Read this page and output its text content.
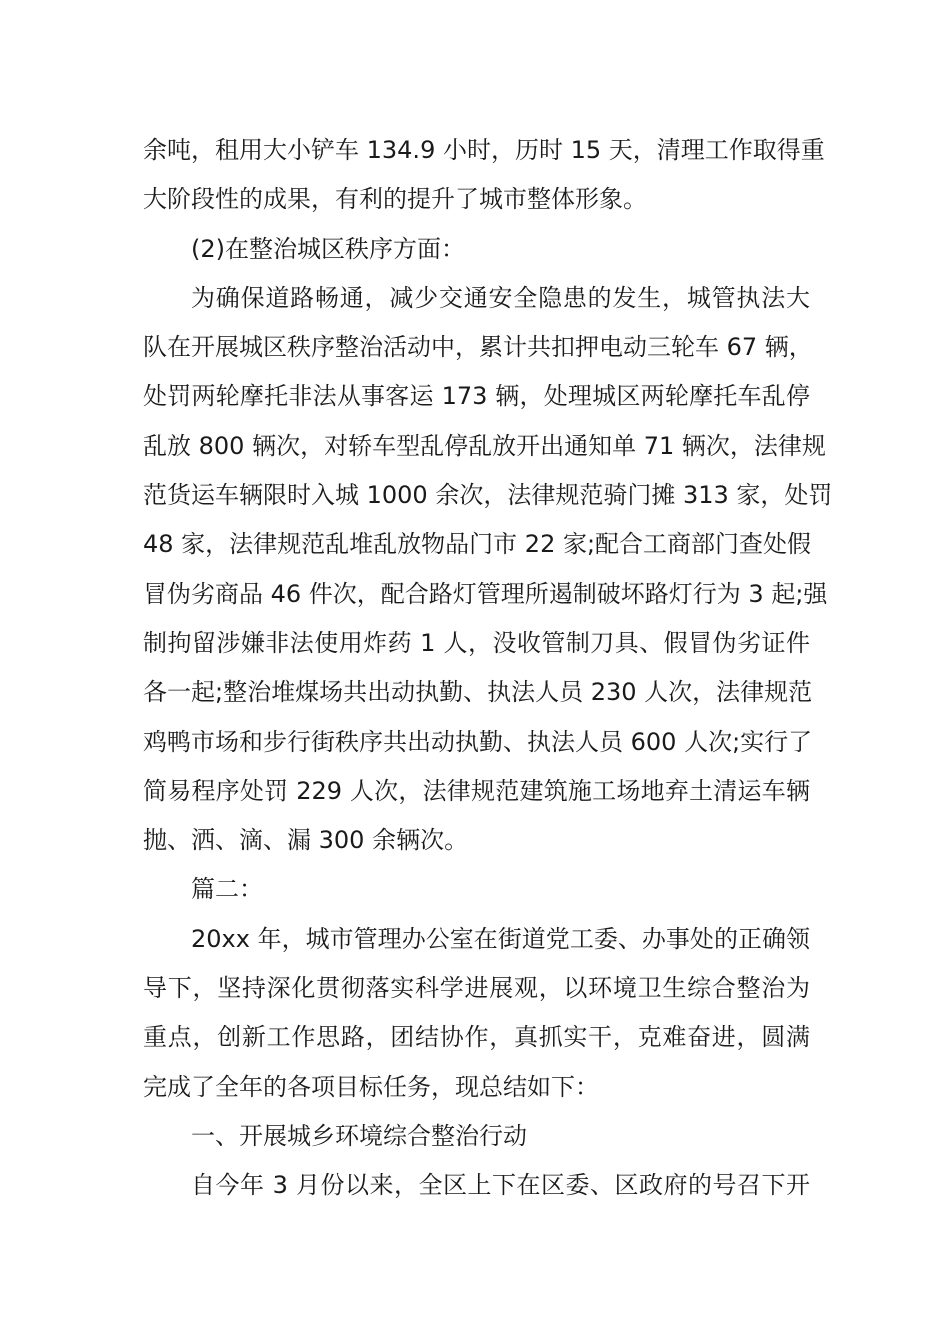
余吨，租用大小铲车 134.9 小时，历时 15 天，清理工作取得重
大阶段性的成果，有利的提升了城市整体形象。
(2)在整治城区秩序方面：
为确保道路畅通，减少交通安全隐患的发生，城管执法大
队在开展城区秩序整治活动中，累计共扣押电动三轮车 67 辆，
处罚两轮摩托非法从事客运 173 辆，处理城区两轮摩托车乱停
乱放 800 辆次，对轿车型乱停乱放开出通知单 71 辆次，法律规
范货运车辆限时入城 1000 余次，法律规范骑门摊 313 家，处罚
48 家，法律规范乱堆乱放物品门市 22 家;配合工商部门查处假
冒伪劣商品 46 件次，配合路灯管理所遏制破坏路灯行为 3 起;强
制拘留涉嫌非法使用炸药 1 人，没收管制刀具、假冒伪劣证件
各一起;整治堆煤场共出动执勤、执法人员 230 人次，法律规范
鸡鸭市场和步行街秩序共出动执勤、执法人员 600 人次;实行了
简易程序处罚 229 人次，法律规范建筑施工场地弃土清运车辆
抛、洒、滴、漏 300 余辆次。
篇二：
20xx 年，城市管理办公室在街道党工委、办事处的正确领
导下，坚持深化贯彻落实科学进展观，以环境卫生综合整治为
重点，创新工作思路，团结协作，真抓实干，克难奋进，圆满
完成了全年的各项目标任务，现总结如下：
一、开展城乡环境综合整治行动
自今年 3 月份以来，全区上下在区委、区政府的号召下开
